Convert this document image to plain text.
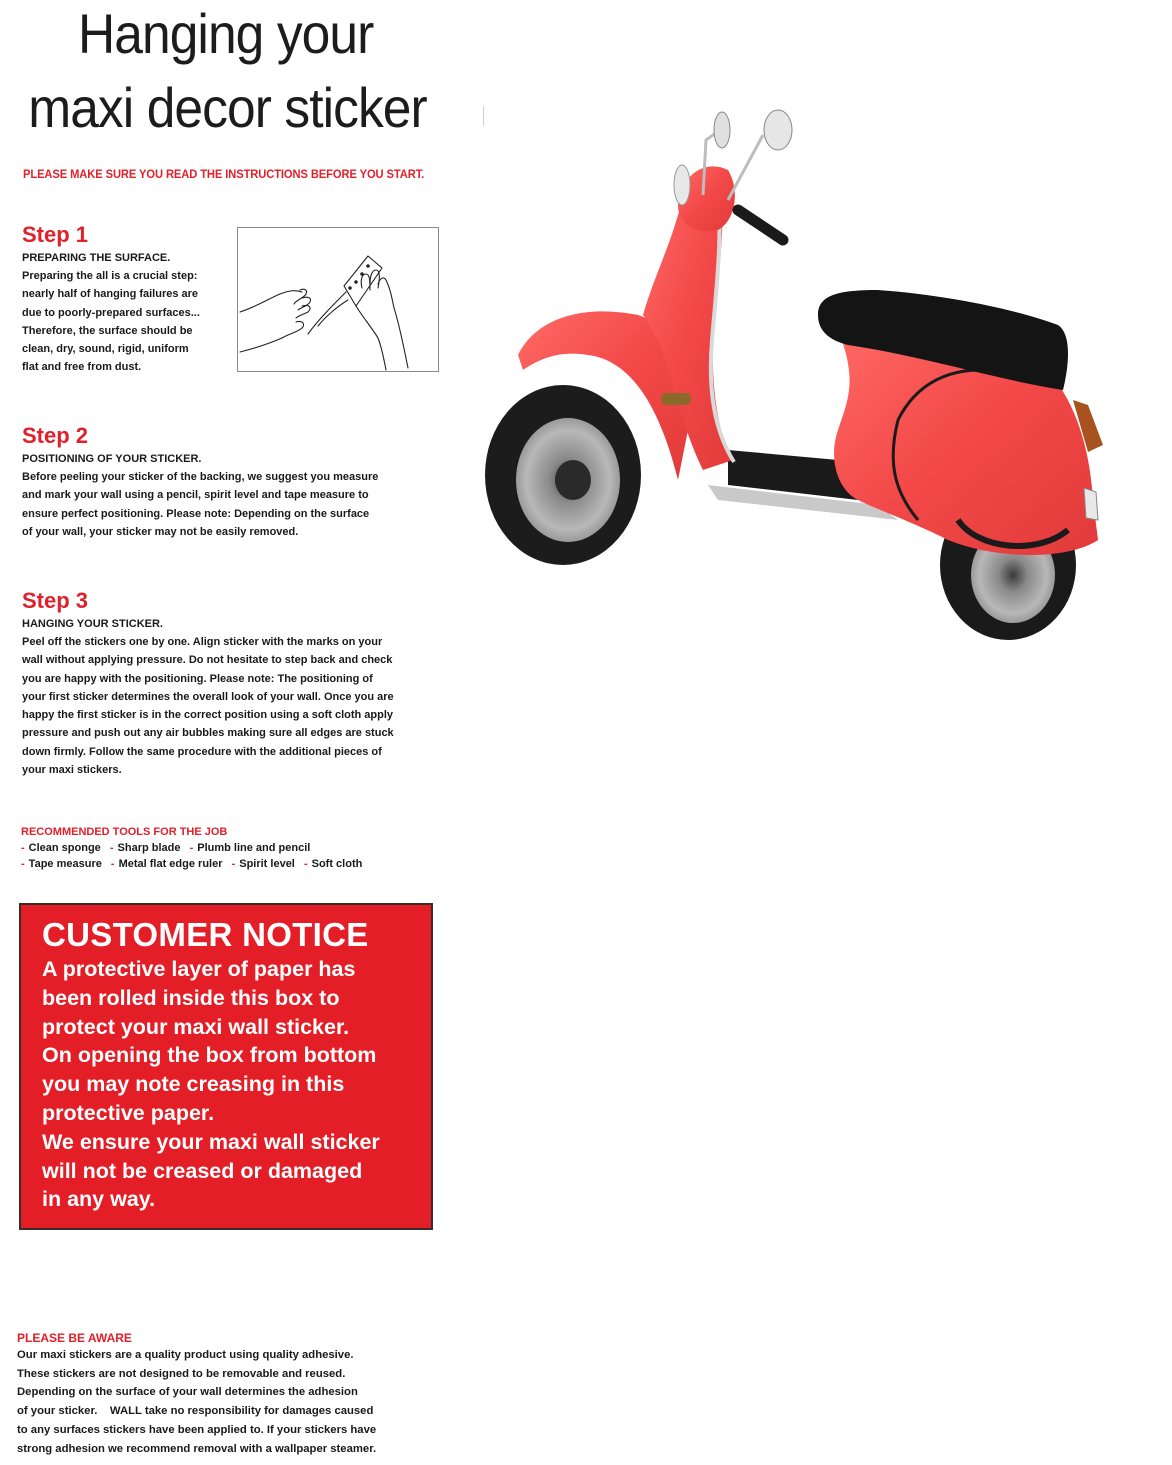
Hanging your
maxi decor sticker
PLEASE MAKE SURE YOU READ THE INSTRUCTIONS BEFORE YOU START.
Step 1
PREPARING THE SURFACE.

Preparing the all is a crucial step:

nearly half of hanging failures are

due to poorly-prepared surfaces...

Therefore, the surface should be

clean, dry, sound, rigid, uniform

flat and free from dust.

Step 2
POSITIONING OF YOUR STICKER.

Before peeling your sticker of the backing, we suggest you measure

and mark your wall using a pencil, spirit level and tape measure to

ensure perfect positioning. Please note: Depending on the surface

of your wall, your sticker may not be easily removed.

Step 3
HANGING YOUR STICKER.

Peel off the stickers one by one. Align sticker with the marks on your

wall without applying pressure. Do not hesitate to step back and check

you are happy with the positioning. Please note: The positioning of

your first sticker determines the overall look of your wall. Once you are

happy the first sticker is in the correct position using a soft cloth apply

pressure and push out any air bubbles making sure all edges are stuck

down firmly. Follow the same procedure with the additional pieces of

your maxi stickers.

RECOMMENDED TOOLS FOR THE JOB
- Clean sponge - Sharp blade - Plumb line and pencil
- Tape measure - Metal flat edge ruler - Spirit level - Soft cloth
CUSTOMER NOTICE

A protective layer of paper has

been rolled inside this box to

protect your maxi wall sticker.

On opening the box from bottom

you may note creasing in this

protective paper.

We ensure your maxi wall sticker

will not be creased or damaged

in any way.

PLEASE BE AWARE

Our maxi stickers are a quality product using quality adhesive.

These stickers are not designed to be removable and reused.

Depending on the surface of your wall determines the adhesion

of your sticker.    WALL take no responsibility for damages caused

to any surfaces stickers have been applied to. If your stickers have

strong adhesion we recommend removal with a wallpaper steamer.
